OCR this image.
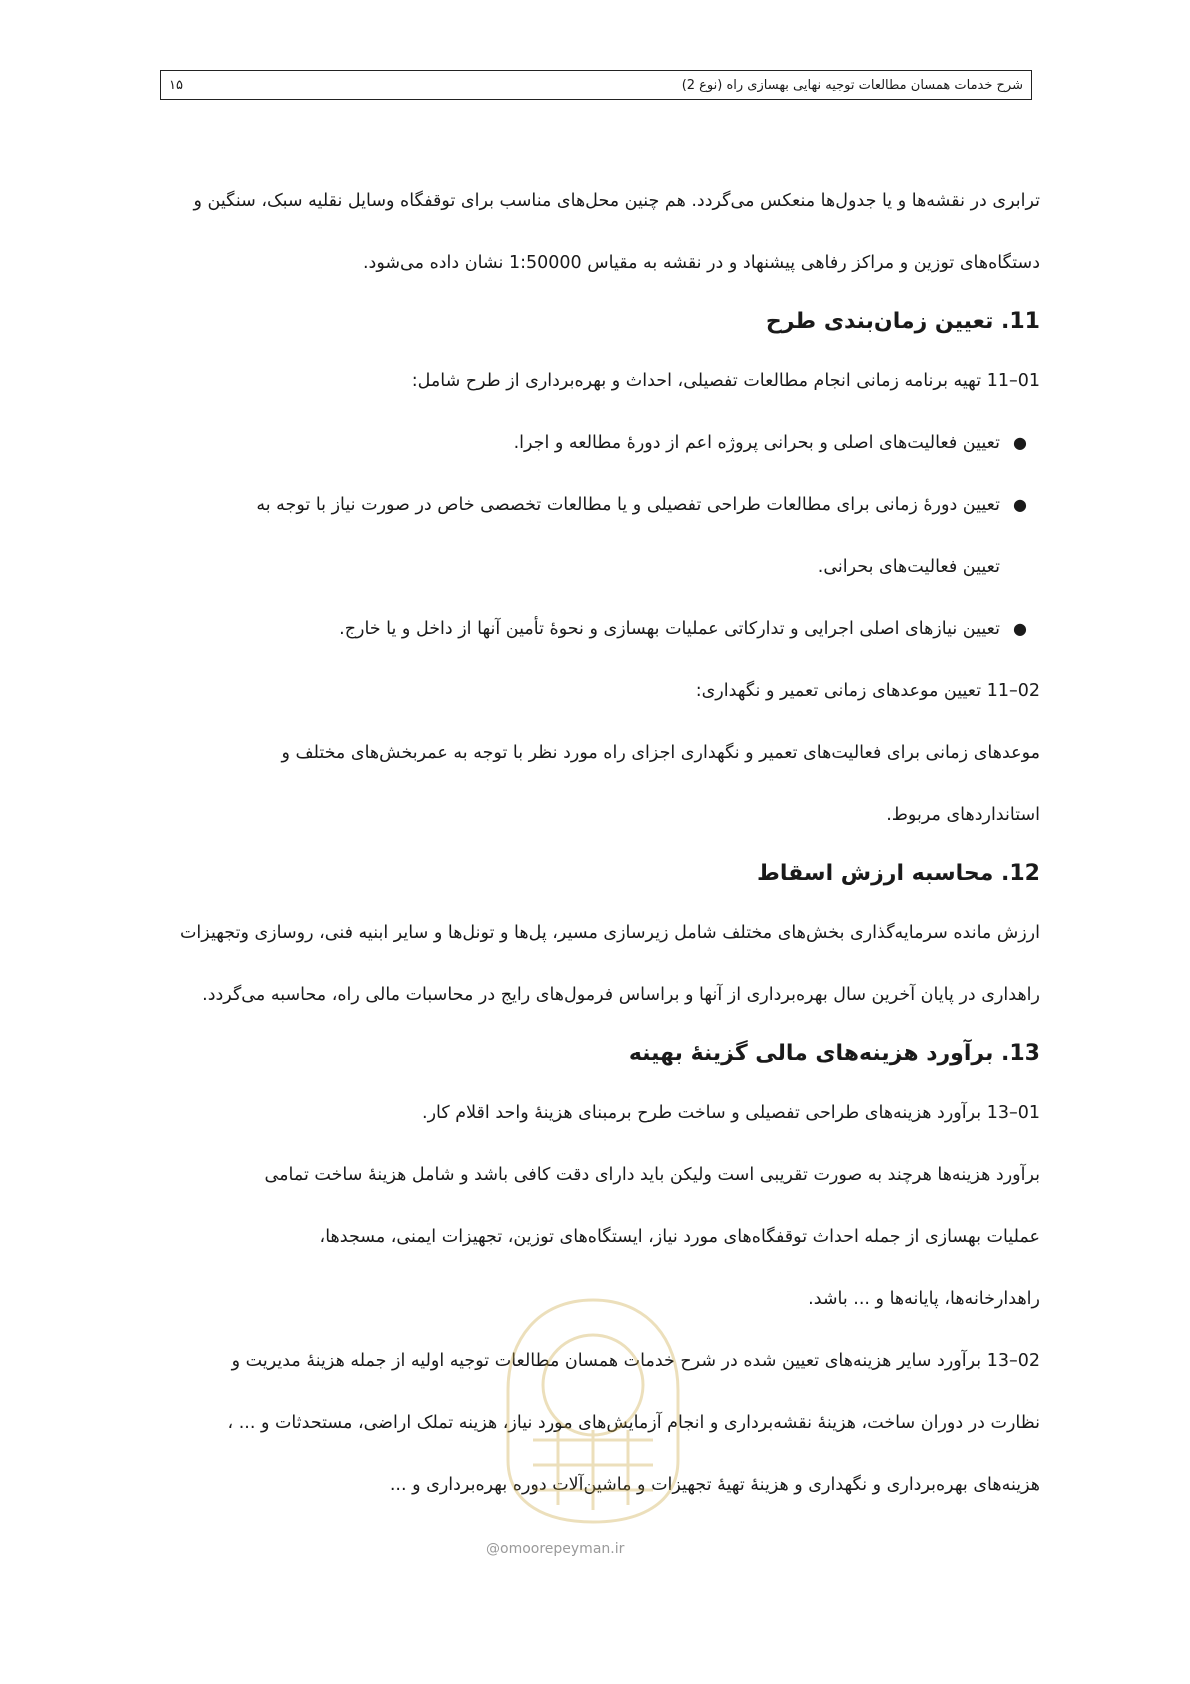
۱۵	شرح خدمات همسان مطالعات توجیه نهایی بهسازی راه (نوع 2)

ترابری در نقشه‌ها و یا جدول‌ها منعکس می‌گردد. هم چنین محل‌های مناسب برای توقفگاه وسایل نقلیه سبک، سنگین و

دستگاه‌های توزین و مراکز رفاهی پیشنهاد و در نقشه به مقیاس 1:50000 نشان داده می‌شود.

11. تعیین زمان‌بندی طرح

01–11 تهیه برنامه زمانی انجام مطالعات تفصیلی، احداث و بهره‌برداری از طرح شامل:

●

تعیین فعالیت‌های اصلی و بحرانی پروژه اعم از دورهٔ مطالعه و اجرا.

●

تعیین دورهٔ زمانی برای مطالعات طراحی تفصیلی و یا مطالعات تخصصی خاص در صورت نیاز با توجه به

تعیین فعالیت‌های بحرانی.

●

تعیین نیازهای اصلی اجرایی و تدارکاتی عملیات بهسازی و نحوهٔ تأمین آنها از داخل و یا خارج.

02–11 تعیین موعدهای زمانی تعمیر و نگهداری:

موعدهای زمانی برای فعالیت‌های تعمیر و نگهداری اجزای راه مورد نظر با توجه به عمربخش‌های مختلف و

استانداردهای مربوط.

12. محاسبه ارزش اسقاط

ارزش مانده سرمایه‌گذاری بخش‌های مختلف شامل زیرسازی مسیر، پل‌ها و تونل‌ها و سایر ابنیه فنی، روسازی وتجهیزات

راهداری در پایان آخرین سال بهره‌برداری از آنها و براساس فرمول‌های رایج در محاسبات مالی راه، محاسبه می‌گردد.

13. برآورد هزینه‌های مالی گزینهٔ بهینه

01–13 برآورد هزینه‌های طراحی تفصیلی و ساخت طرح برمبنای هزینهٔ واحد اقلام کار.

برآورد هزینه‌ها هرچند به صورت تقریبی است ولیکن باید دارای دقت کافی باشد و شامل هزینهٔ ساخت تمامی

عملیات بهسازی از جمله احداث توقفگاه‌های مورد نیاز، ایستگاه‌های توزین، تجهیزات ایمنی، مسجدها،

راهدارخانه‌ها، پایانه‌ها و ... باشد.

02–13 برآورد سایر هزینه‌های تعیین شده در شرح خدمات همسان مطالعات توجیه اولیه از جمله هزینهٔ مدیریت و

نظارت در دوران ساخت، هزینهٔ نقشه‌برداری و انجام آزمایش‌های مورد نیاز، هزینه تملک اراضی، مستحدثات و ... ،

هزینه‌های بهره‌برداری و نگهداری و هزینهٔ تهیهٔ تجهیزات و ماشین‌آلات دوره بهره‌برداری و ...

@omoorepeyman.ir
